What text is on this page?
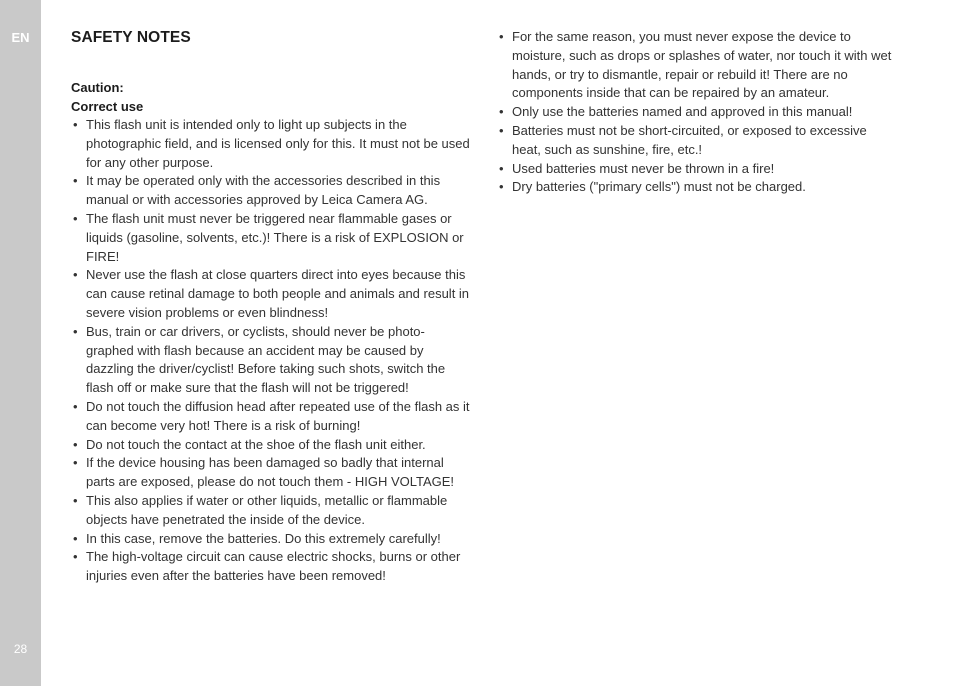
EN
28
SAFETY NOTES

Caution:

Correct use

• This flash unit is intended only to light up subjects in the photographic field, and is licensed only for this. It must not be used for any other purpose.
• It may be operated only with the accessories described in this manual or with accessories approved by Leica Camera AG.
• The flash unit must never be triggered near flammable gases or liquids (gasoline, solvents, etc.)! There is a risk of EXPLOSION or FIRE!
• Never use the flash at close quarters direct into eyes because this can cause retinal damage to both people and animals and result in severe vision problems or even blindness!
• Bus, train or car drivers, or cyclists, should never be photo-graphed with flash because an accident may be caused by dazzling the driver/cyclist! Before taking such shots, switch the flash off or make sure that the flash will not be triggered!
• Do not touch the diffusion head after repeated use of the flash as it can become very hot! There is a risk of burning!
• Do not touch the contact at the shoe of the flash unit either.
• If the device housing has been damaged so badly that internal parts are exposed, please do not touch them - HIGH VOLTAGE!
• This also applies if water or other liquids, metallic or flammable objects have penetrated the inside of the device.
• In this case, remove the batteries. Do this extremely carefully!
• The high-voltage circuit can cause electric shocks, burns or other injuries even after the batteries have been removed!
• For the same reason, you must never expose the device to moisture, such as drops or splashes of water, nor touch it with wet hands, or try to dismantle, repair or rebuild it! There are no components inside that can be repaired by an amateur.
• Only use the batteries named and approved in this manual!
• Batteries must not be short-circuited, or exposed to excessive heat, such as sunshine, fire, etc.!
• Used batteries must never be thrown in a fire!
• Dry batteries ("primary cells") must not be charged.
